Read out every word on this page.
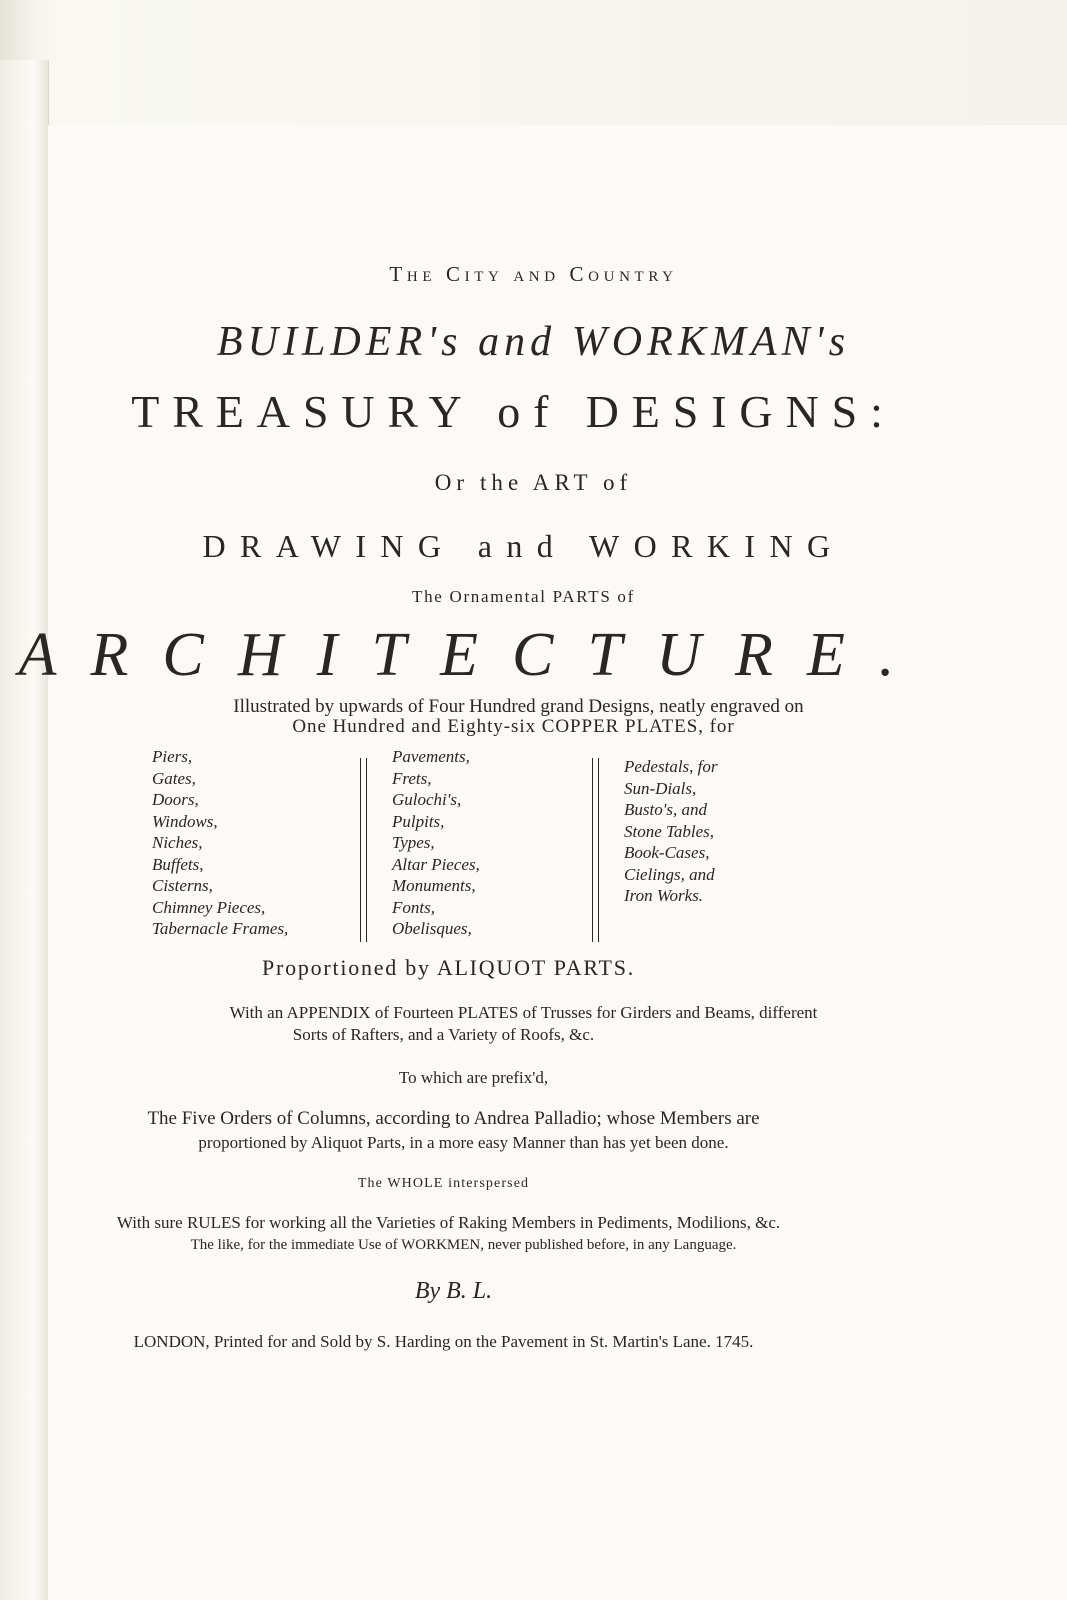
The City and Country
BUILDER's and WORKMAN's
TREASURY of DESIGNS:
Or the ART of
DRAWING and WORKING
The Ornamental PARTS of
ARCHITECTURE.
Illustrated by upwards of Four Hundred grand Designs, neatly engraved on
One Hundred and Eighty-six COPPER PLATES, for
Piers,
Gates,
Doors,
Windows,
Niches,
Buffets,
Cisterns,
Chimney Pieces,
Tabernacle Frames,
Pavements,
Frets,
Gulochi's,
Pulpits,
Types,
Altar Pieces,
Monuments,
Fonts,
Obelisques,
Pedestals, for
Sun-Dials,
Busto's, and
Stone Tables,
Book-Cases,
Cielings, and
Iron Works.
Proportioned by ALIQUOT PARTS.
With an APPENDIX of Fourteen PLATES of Trusses for Girders and Beams, different
Sorts of Rafters, and a Variety of Roofs, &c.
To which are prefix'd,
The Five Orders of Columns, according to Andrea Palladio; whose Members are
proportioned by Aliquot Parts, in a more easy Manner than has yet been done.
The WHOLE interspersed
With sure RULES for working all the Varieties of Raking Members in Pediments, Modilions, &c.
The like, for the immediate Use of WORKMEN, never published before, in any Language.
By B. L.
LONDON, Printed for and Sold by S. Harding on the Pavement in St. Martin's Lane. 1745.
